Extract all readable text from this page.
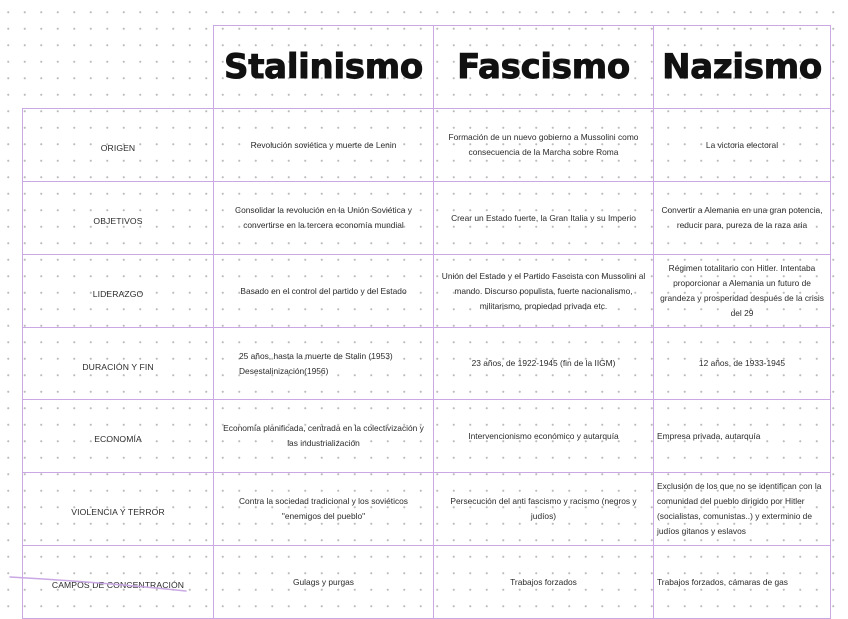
	Stalinismo	Fascismo	Nazismo
ORIGEN	Revolución soviética y muerte de Lenin	Formación de un nuevo gobierno a Mussolini como consecuencia de la Marcha sobre Roma	La victoria electoral
OBJETIVOS	Consolidar la revolución en la Unión Soviética y convertirse en la tercera economía mundial	Crear un Estado fuerte, la Gran Italia y su Imperio	Convertir a Alemania en una gran potencia, reducir para, pureza de la raza aria
LIDERAZGO	Basado en el control del partido y del Estado	Unión del Estado y el Partido Fascista con Mussolini al mando. Discurso populista, fuerte nacionalismo, militarismo, propiedad privada etc.	Régimen totalitario con Hitler. Intentaba proporcionar a Alemania un futuro de grandeza y prosperidad después de la crisis del 29
DURACIÓN Y FIN	25 años, hasta la muerte de Stalin (1953) Desestalinización(1956)	23 años, de 1922-1945 (fin de la IIGM)	12 años, de 1933-1945
ECONOMÍA	Economía planificada, centrada en la colectivización y las industrialización	Intervencionismo económico y autarquía	Empresa privada, autarquía
VIOLENCIA Y TERROR	Contra la sociedad tradicional y los soviéticos "enemigos del pueblo"	Persecución del anti fascismo y racismo (negros y judíos)	Exclusión de los que no se identifican con la comunidad del pueblo dirigido por Hitler (socialistas, comunistas..) y exterminio de judíos gitanos y eslavos
CAMPOS DE CONCENTRACIÓN	Gulags y purgas	Trabajos forzados	Trabajos forzados, cámaras de gas
